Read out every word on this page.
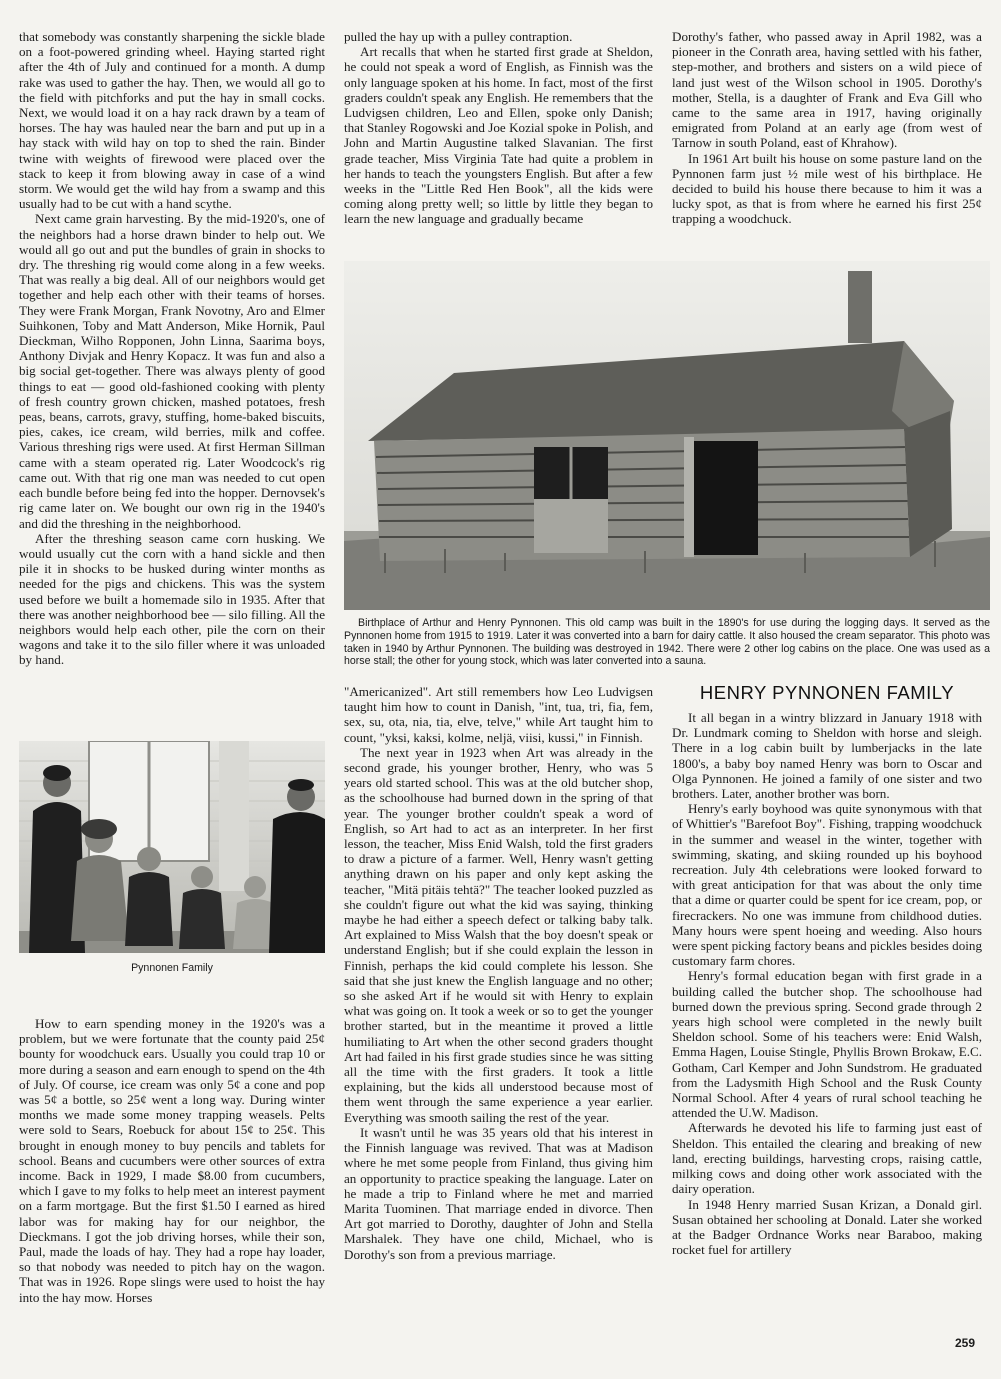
that somebody was constantly sharpening the sickle blade on a foot-powered grinding wheel. Haying started right after the 4th of July and continued for a month. A dump rake was used to gather the hay. Then, we would all go to the field with pitchforks and put the hay in small cocks. Next, we would load it on a hay rack drawn by a team of horses. The hay was hauled near the barn and put up in a hay stack with wild hay on top to shed the rain. Binder twine with weights of firewood were placed over the stack to keep it from blowing away in case of a wind storm. We would get the wild hay from a swamp and this usually had to be cut with a hand scythe.

Next came grain harvesting. By the mid-1920's, one of the neighbors had a horse drawn binder to help out. We would all go out and put the bundles of grain in shocks to dry. The threshing rig would come along in a few weeks. That was really a big deal. All of our neighbors would get together and help each other with their teams of horses. They were Frank Morgan, Frank Novotny, Aro and Elmer Suihkonen, Toby and Matt Anderson, Mike Hornik, Paul Dieckman, Wilho Ropponen, John Linna, Saarima boys, Anthony Divjak and Henry Kopacz. It was fun and also a big social get-together. There was always plenty of good things to eat — good old-fashioned cooking with plenty of fresh country grown chicken, mashed potatoes, fresh peas, beans, carrots, gravy, stuffing, home-baked biscuits, pies, cakes, ice cream, wild berries, milk and coffee. Various threshing rigs were used. At first Herman Sillman came with a steam operated rig. Later Woodcock's rig came out. With that rig one man was needed to cut open each bundle before being fed into the hopper. Dernovsek's rig came later on. We bought our own rig in the 1940's and did the threshing in the neighborhood.

After the threshing season came corn husking. We would usually cut the corn with a hand sickle and then pile it in shocks to be husked during winter months as needed for the pigs and chickens. This was the system used before we built a homemade silo in 1935. After that there was another neighborhood bee — silo filling. All the neighbors would help each other, pile the corn on their wagons and take it to the silo filler where it was unloaded by hand.

Pynnonen Family

How to earn spending money in the 1920's was a problem, but we were fortunate that the county paid 25¢ bounty for woodchuck ears. Usually you could trap 10 or more during a season and earn enough to spend on the 4th of July. Of course, ice cream was only 5¢ a cone and pop was 5¢ a bottle, so 25¢ went a long way. During winter months we made some money trapping weasels. Pelts were sold to Sears, Roebuck for about 15¢ to 25¢. This brought in enough money to buy pencils and tablets for school. Beans and cucumbers were other sources of extra income. Back in 1929, I made $8.00 from cucumbers, which I gave to my folks to help meet an interest payment on a farm mortgage. But the first $1.50 I earned as hired labor was for making hay for our neighbor, the Dieckmans. I got the job driving horses, while their son, Paul, made the loads of hay. They had a rope hay loader, so that nobody was needed to pitch hay on the wagon. That was in 1926. Rope slings were used to hoist the hay into the hay mow. Horses

pulled the hay up with a pulley contraption.

Art recalls that when he started first grade at Sheldon, he could not speak a word of English, as Finnish was the only language spoken at his home. In fact, most of the first graders couldn't speak any English. He remembers that the Ludvigsen children, Leo and Ellen, spoke only Danish; that Stanley Rogowski and Joe Kozial spoke in Polish, and John and Martin Augustine talked Slavanian. The first grade teacher, Miss Virginia Tate had quite a problem in her hands to teach the youngsters English. But after a few weeks in the "Little Red Hen Book", all the kids were coming along pretty well; so little by little they began to learn the new language and gradually became

Dorothy's father, who passed away in April 1982, was a pioneer in the Conrath area, having settled with his father, step-mother, and brothers and sisters on a wild piece of land just west of the Wilson school in 1905. Dorothy's mother, Stella, is a daughter of Frank and Eva Gill who came to the same area in 1917, having originally emigrated from Poland at an early age (from west of Tarnow in south Poland, east of Khrahow).

In 1961 Art built his house on some pasture land on the Pynnonen farm just ½ mile west of his birthplace. He decided to build his house there because to him it was a lucky spot, as that is from where he earned his first 25¢ trapping a woodchuck.

Birthplace of Arthur and Henry Pynnonen. This old camp was built in the 1890's for use during the logging days. It served as the Pynnonen home from 1915 to 1919. Later it was converted into a barn for dairy cattle. It also housed the cream separator. This photo was taken in 1940 by Arthur Pynnonen. The building was destroyed in 1942. There were 2 other log cabins on the place. One was used as a horse stall; the other for young stock, which was later converted into a sauna.

"Americanized". Art still remembers how Leo Ludvigsen taught him how to count in Danish, "int, tua, tri, fia, fem, sex, su, ota, nia, tia, elve, telve," while Art taught him to count, "yksi, kaksi, kolme, neljä, viisi, kussi," in Finnish.

The next year in 1923 when Art was already in the second grade, his younger brother, Henry, who was 5 years old started school. This was at the old butcher shop, as the schoolhouse had burned down in the spring of that year. The younger brother couldn't speak a word of English, so Art had to act as an interpreter. In her first lesson, the teacher, Miss Enid Walsh, told the first graders to draw a picture of a farmer. Well, Henry wasn't getting anything drawn on his paper and only kept asking the teacher, "Mitä pitäis tehtä?" The teacher looked puzzled as she couldn't figure out what the kid was saying, thinking maybe he had either a speech defect or talking baby talk. Art explained to Miss Walsh that the boy doesn't speak or understand English; but if she could explain the lesson in Finnish, perhaps the kid could complete his lesson. She said that she just knew the English language and no other; so she asked Art if he would sit with Henry to explain what was going on. It took a week or so to get the younger brother started, but in the meantime it proved a little humiliating to Art when the other second graders thought Art had failed in his first grade studies since he was sitting all the time with the first graders. It took a little explaining, but the kids all understood because most of them went through the same experience a year earlier. Everything was smooth sailing the rest of the year.

It wasn't until he was 35 years old that his interest in the Finnish language was revived. That was at Madison where he met some people from Finland, thus giving him an opportunity to practice speaking the language. Later on he made a trip to Finland where he met and married Marita Tuominen. That marriage ended in divorce. Then Art got married to Dorothy, daughter of John and Stella Marshalek. They have one child, Michael, who is Dorothy's son from a previous marriage.

HENRY PYNNONEN FAMILY

It all began in a wintry blizzard in January 1918 with Dr. Lundmark coming to Sheldon with horse and sleigh. There in a log cabin built by lumberjacks in the late 1800's, a baby boy named Henry was born to Oscar and Olga Pynnonen. He joined a family of one sister and two brothers. Later, another brother was born.

Henry's early boyhood was quite synonymous with that of Whittier's "Barefoot Boy". Fishing, trapping woodchuck in the summer and weasel in the winter, together with swimming, skating, and skiing rounded up his boyhood recreation. July 4th celebrations were looked forward to with great anticipation for that was about the only time that a dime or quarter could be spent for ice cream, pop, or firecrackers. No one was immune from childhood duties. Many hours were spent hoeing and weeding. Also hours were spent picking factory beans and pickles besides doing customary farm chores.

Henry's formal education began with first grade in a building called the butcher shop. The schoolhouse had burned down the previous spring. Second grade through 2 years high school were completed in the newly built Sheldon school. Some of his teachers were: Enid Walsh, Emma Hagen, Louise Stingle, Phyllis Brown Brokaw, E.C. Gotham, Carl Kemper and John Sundstrom. He graduated from the Ladysmith High School and the Rusk County Normal School. After 4 years of rural school teaching he attended the U.W. Madison.

Afterwards he devoted his life to farming just east of Sheldon. This entailed the clearing and breaking of new land, erecting buildings, harvesting crops, raising cattle, milking cows and doing other work associated with the dairy operation.

In 1948 Henry married Susan Krizan, a Donald girl. Susan obtained her schooling at Donald. Later she worked at the Badger Ordnance Works near Baraboo, making rocket fuel for artillery

259
